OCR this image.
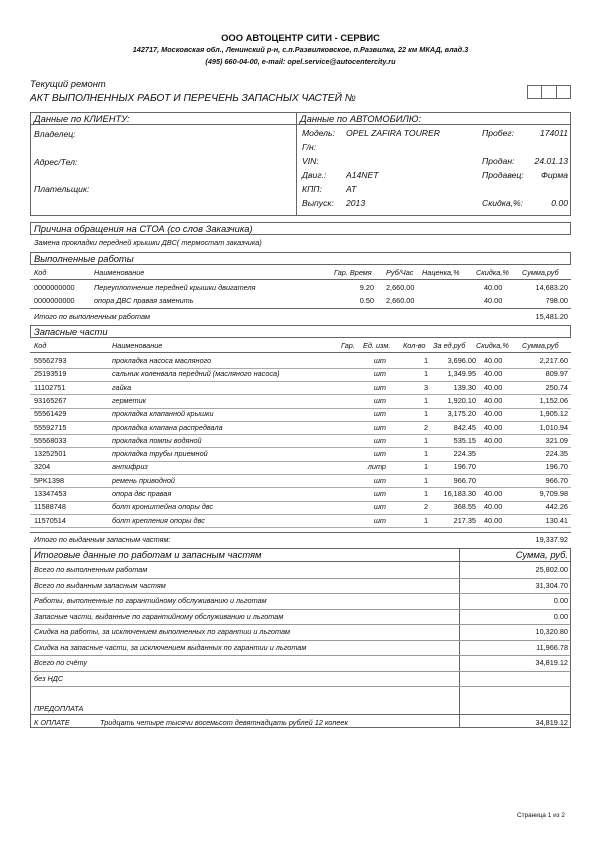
ООО АВТОЦЕНТР СИТИ - СЕРВИС
142717, Московская обл., Ленинский р-н, с.п.Развилковское, п.Развилка, 22 км МКАД, влад.3
(495) 660-04-00, e-mail: opel.service@autocentercity.ru
Текущий ремонт
АКТ ВЫПОЛНЕННЫХ РАБОТ И ПЕРЕЧЕНЬ ЗАПАСНЫХ ЧАСТЕЙ №
Данные по КЛИЕНТУ:
Владелец:
Адрес/Тел:
Плательщик:
Данные по АВТОМОБИЛЮ:
Модель: OPEL ZAFIRA TOURER
Г/н:
VIN:
Двиг.: A14NET
КПП:	AT
Выпуск: 2013
Пробег:	174011
Продан:	24.01.13
Продавец:	Фирма
Скидка,%:	0.00
Причина обращения на СТОА (со слов Заказчика)
Замена прокладки передней крышки ДВС( термостат заказчика)
Выполненные работы
Код	Наименование	Гар. Время Руб/Час Наценка,% Скидка,% Сумма,руб
0000000000	Переуплотнение передней крышки двигателя	9.20 2,660.00	40.00	14,683.20
0000000000	опора ДВС правая заменить	0.50 2,660.00	40.00	798.00
Итого по выполненным работам	15,481.20
Запасные части
Код	Наименование	Гар. Ед. изм. Кол-во За ед.руб Скидка,% Сумма,руб
55562793	прокладка насоса масляного	шт	1	3,696.00 40.00	2,217.60
25193519	сальник коленвала передний (масляного насоса)	шт	1	1,349.95 40.00	809.97
11102751	гайка	шт	3	139.30 40.00	250.74
93165267	герметик	шт	1	1,920.10 40.00	1,152.06
55561429	прокладка клапанной крышки	шт	1	3,175.20 40.00	1,905.12
55592715	прокладка клапана распредвала	шт	2	842.45 40.00	1,010.94
55568033	прокладка помпы водяной	шт	1	535.15 40.00	321.09
13252501	прокладка трубы приемной	шт	1	224.35	224.35
3204	антифриз	литр	1	196.70	196.70
5PK1398	ремень приводной	шт	1	966.70	966.70
13347453	опора двс правая	шт	1	16,183.30 40.00	9,709.98
11588748	болт кронштейна опоры двс	шт	2	368.55 40.00	442.26
11570514	болт крепления опоры двс	шт	1	217.35 40.00	130.41
Итого по выданным запасным частям:	19,337.92
Итоговые данные по работам и запасным частям	Сумма, руб.
Всего по выполненным работам	25,802.00
Всего по выданным запасным частям	31,304.70
Работы, выполненные по гарантийному обслуживанию и льготам	0.00
Запасные части, выданные по гарантийному обслуживанию и льготам	0.00
Скидка на работы, за исключением выполненных по гарантии и льготам	10,320.80
Скидка на запасные части, за исключением выданных по гарантии и льготам	11,966.78
Всего по счёту	34,819.12
без НДС
ПРЕДОПЛАТА
К ОПЛАТЕ	Тридцать четыре тысячи восемьсот девятнадцать рублей 12 копеек	34,819.12
Страница 1 из 2
